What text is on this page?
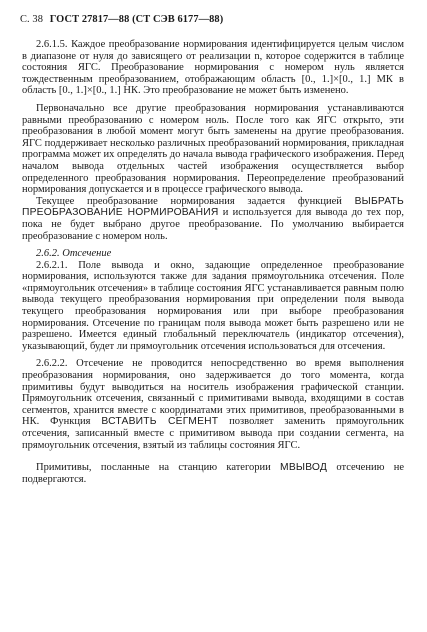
С. 38 ГОСТ 27817—88 (СТ СЭВ 6177—88)

2.6.1.5. Каждое преобразование нормирования идентифицируется целым числом в диапазоне от нуля до зависящего от реализации n, которое содержится в таблице состояния ЯГС. Преобразование нормирования с номером нуль является тождественным преобразованием, отображающим область [0., 1.]×[0., 1.] МК в область [0., 1.]×[0., 1.] НК. Это преобразование не может быть изменено.

Первоначально все другие преобразования нормирования устанавливаются равными преобразованию с номером ноль. После того как ЯГС открыто, эти преобразования в любой момент могут быть заменены на другие преобразования. ЯГС поддерживает несколько различных преобразований нормирования, прикладная программа может их определять до начала вывода графического изображения. Перед началом вывода отдельных частей изображения осуществляется выбор определенного преобразования нормирования. Переопределение преобразований нормирования допускается и в процессе графического вывода.

Текущее преобразование нормирования задается функцией ВЫБРАТЬ ПРЕОБРАЗОВАНИЕ НОРМИРОВАНИЯ и используется для вывода до тех пор, пока не будет выбрано другое преобразование. По умолчанию выбирается преобразование с номером ноль.

2.6.2. Отсечение

2.6.2.1. Поле вывода и окно, задающие определенное преобразование нормирования, используются также для задания прямоугольника отсечения. Поле «прямоугольник отсечения» в таблице состояния ЯГС устанавливается равным полю вывода текущего преобразования нормирования при определении поля вывода текущего преобразования нормирования или при выборе преобразования нормирования. Отсечение по границам поля вывода может быть разрешено или не разрешено. Имеется единый глобальный переключатель (индикатор отсечения), указывающий, будет ли прямоугольник отсечения использоваться для отсечения.

2.6.2.2. Отсечение не проводится непосредственно во время выполнения преобразования нормирования, оно задерживается до того момента, когда примитивы будут выводиться на носитель изображения графической станции. Прямоугольник отсечения, связанный с примитивами вывода, входящими в состав сегментов, хранится вместе с координатами этих примитивов, преобразованными в НК. Функция ВСТАВИТЬ СЕГМЕНТ позволяет заменить прямоугольник отсечения, записанный вместе с примитивом вывода при создании сегмента, на прямоугольник отсечения, взятый из таблицы состояния ЯГС.

Примитивы, посланные на станцию категории МВЫВОД отсечению не подвергаются.
